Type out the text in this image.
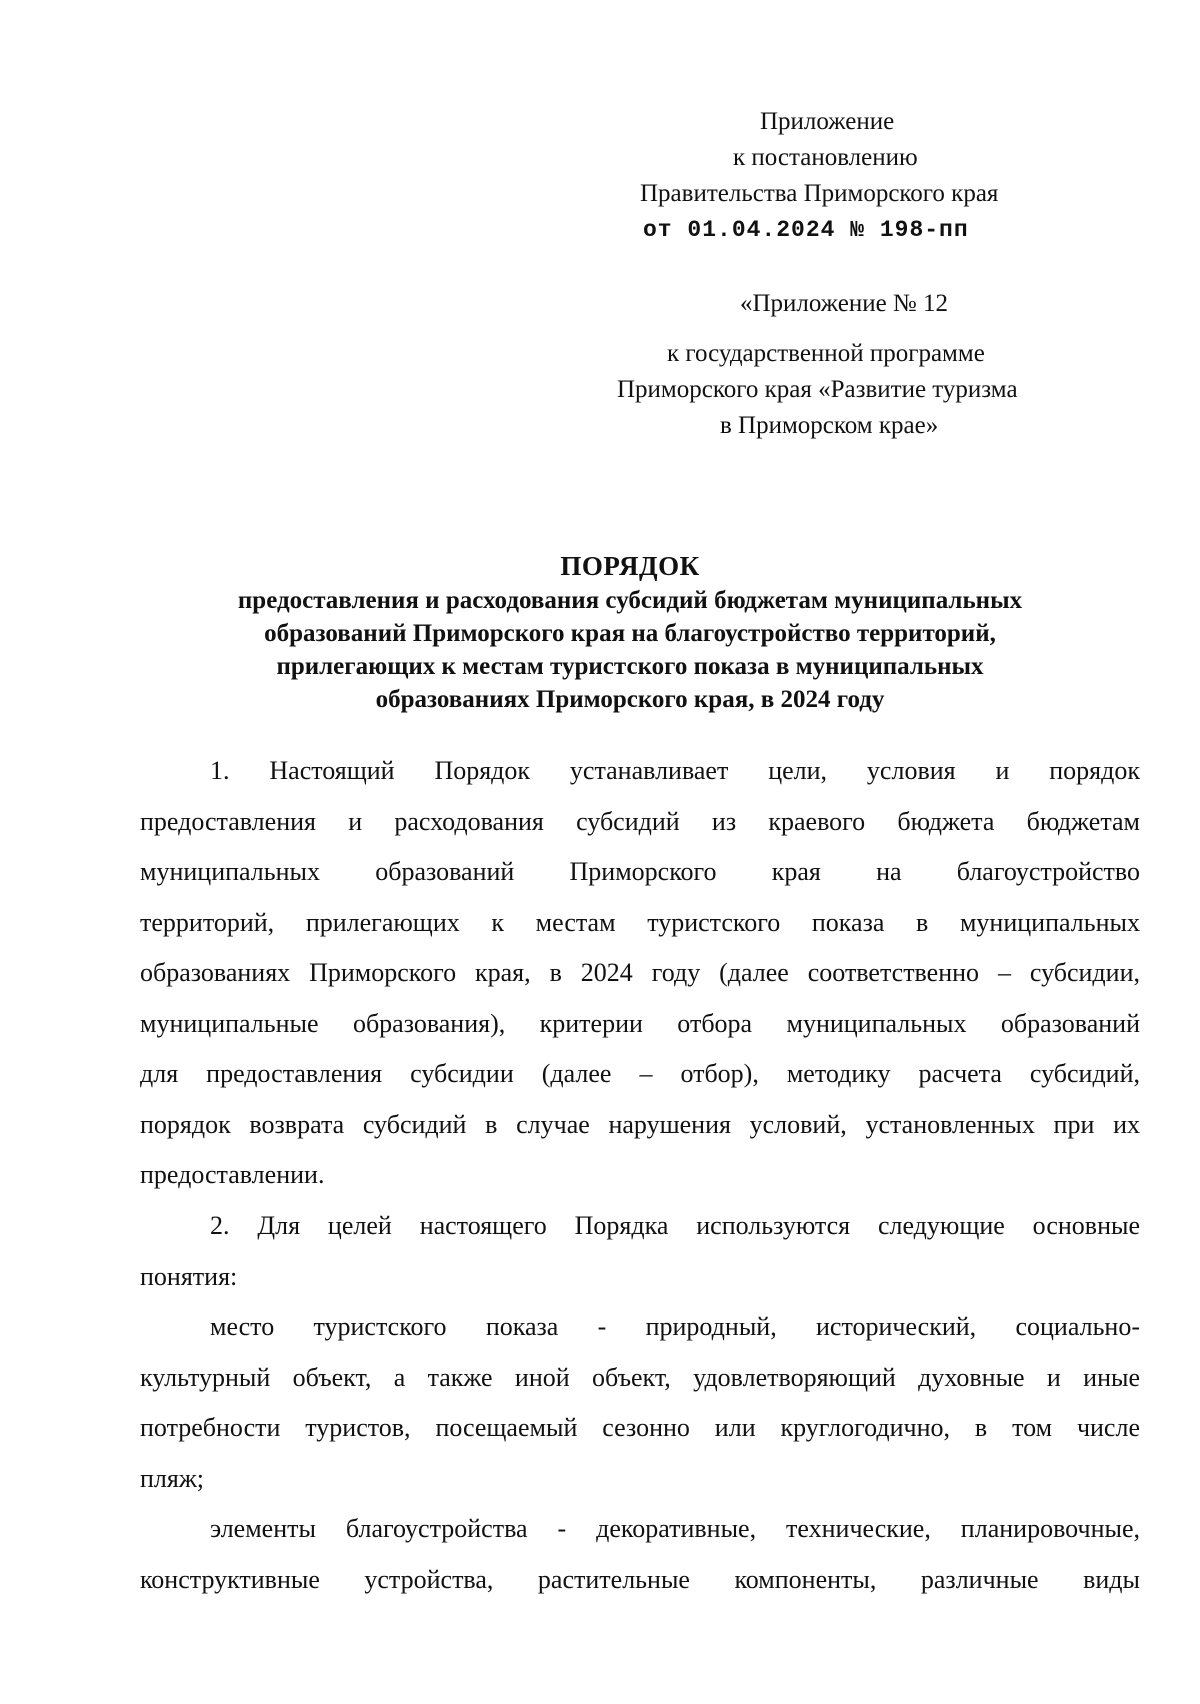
Приложение
к постановлению
Правительства Приморского края
от 01.04.2024 № 198-пп
«Приложение № 12
к государственной программе
Приморского края «Развитие туризма
в Приморском крае»
ПОРЯДОК
предоставления и расходования субсидий бюджетам муниципальных
образований Приморского края на благоустройство территорий,
прилегающих к местам туристского показа в муниципальных
образованиях Приморского края, в 2024 году
1. Настоящий Порядок устанавливает цели, условия и порядок
предоставления и расходования субсидий из краевого бюджета бюджетам
муниципальных образований Приморского края на благоустройство
территорий, прилегающих к местам туристского показа в муниципальных
образованиях Приморского края, в 2024 году (далее соответственно – субсидии,
муниципальные образования), критерии отбора муниципальных образований
для предоставления субсидии (далее – отбор), методику расчета субсидий,
порядок возврата субсидий в случае нарушения условий, установленных при их
предоставлении.
2. Для целей настоящего Порядка используются следующие основные
понятия:
место туристского показа - природный, исторический, социально-
культурный объект, а также иной объект, удовлетворяющий духовные и иные
потребности туристов, посещаемый сезонно или круглогодично, в том числе
пляж;
элементы благоустройства - декоративные, технические, планировочные,
конструктивные устройства, растительные компоненты, различные виды
